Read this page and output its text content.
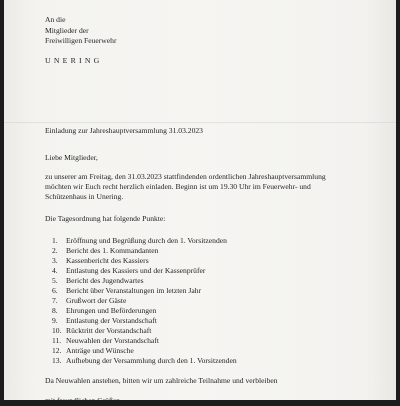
An die
Mitglieder der
Freiwilligen Feuerwehr
UNERING
Einladung zur Jahreshauptversammlung 31.03.2023
Liebe Mitglieder,
zu unserer am Freitag, den 31.03.2023 stattfindenden ordentlichen Jahreshauptversammlung
möchten wir Euch recht herzlich einladen. Beginn ist um 19.30 Uhr im Feuerwehr- und
Schützenhaus in Unering.
Die Tagesordnung hat folgende Punkte:
1.	Eröffnung und Begrüßung durch den 1. Vorsitzenden
2.	Bericht des 1. Kommandanten
3.	Kassenbericht des Kassiers
4.	Entlastung des Kassiers und der Kassenprüfer
5.	Bericht des Jugendwartes
6.	Bericht über Veranstaltungen im letzten Jahr
7.	Grußwort der Gäste
8.	Ehrungen und Beförderungen
9.	Entlastung der Vorstandschaft
10. Rücktritt der Vorstandschaft
11. Neuwahlen der Vorstandschaft
12. Anträge und Wünsche
13. Aufhebung der Versammlung durch den 1. Vorsitzenden
Da Neuwahlen anstehen, bitten wir um zahlreiche Teilnahme und verbleiben
mit freundlichen Grüßen
